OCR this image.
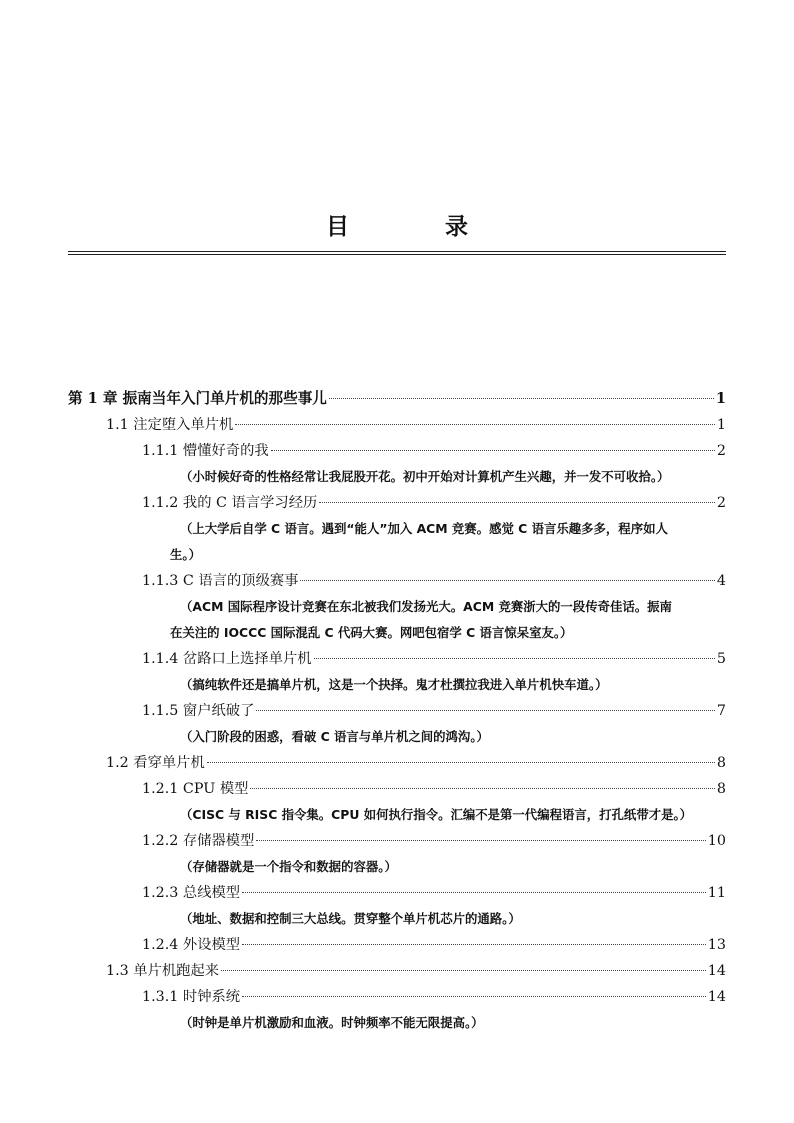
目 录
第 1 章 振南当年入门单片机的那些事儿	1
1.1 注定堕入单片机	1
1.1.1 懵懂好奇的我	2
（小时候好奇的性格经常让我屁股开花。初中开始对计算机产生兴趣，并一发不可收拾。）
1.1.2 我的 C 语言学习经历	2
（上大学后自学 C 语言。遇到“能人”加入 ACM 竞赛。感觉 C 语言乐趣多多，程序如人
生。）
1.1.3 C 语言的顶级赛事	4
（ACM 国际程序设计竞赛在东北被我们发扬光大。ACM 竞赛浙大的一段传奇佳话。振南
在关注的 IOCCC 国际混乱 C 代码大赛。网吧包宿学 C 语言惊呆室友。）
1.1.4 岔路口上选择单片机	5
（搞纯软件还是搞单片机，这是一个抉择。鬼才杜撰拉我进入单片机快车道。）
1.1.5 窗户纸破了	7
（入门阶段的困惑，看破 C 语言与单片机之间的鸿沟。）
1.2 看穿单片机	8
1.2.1 CPU 模型	8
（CISC 与 RISC 指令集。CPU 如何执行指令。汇编不是第一代编程语言，打孔纸带才是。）
1.2.2 存储器模型	10
（存储器就是一个指令和数据的容器。）
1.2.3 总线模型	11
（地址、数据和控制三大总线。贯穿整个单片机芯片的通路。）
1.2.4 外设模型	13
1.3 单片机跑起来	14
1.3.1 时钟系统	14
（时钟是单片机激励和血液。时钟频率不能无限提高。）
